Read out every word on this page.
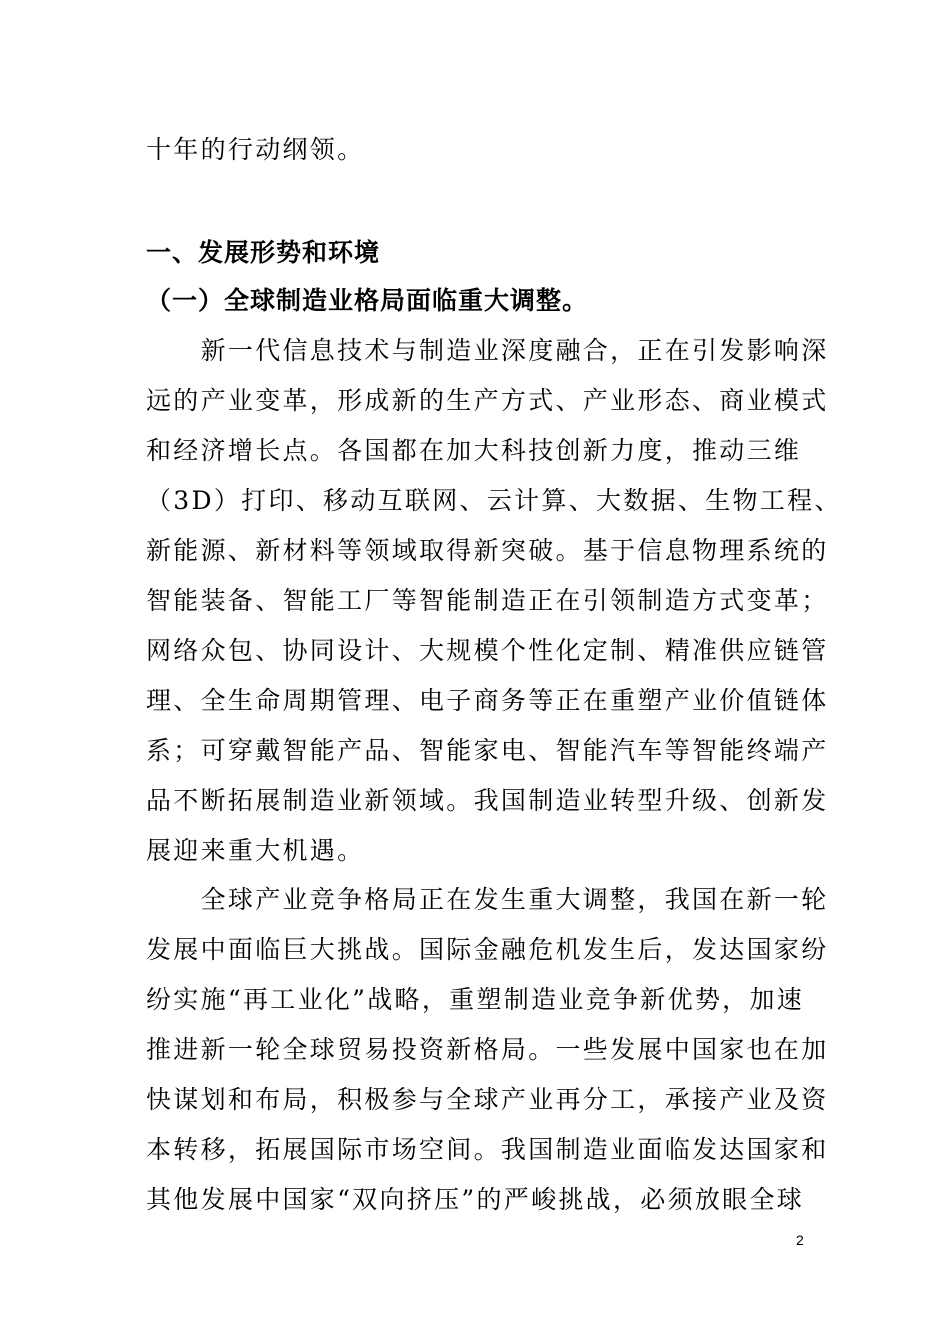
十年的行动纲领。
一、发展形势和环境
（一）全球制造业格局面临重大调整。
　　新一代信息技术与制造业深度融合，正在引发影响深
远的产业变革，形成新的生产方式、产业形态、商业模式
和经济增长点。各国都在加大科技创新力度，推动三维
（3D）打印、移动互联网、云计算、大数据、生物工程、
新能源、新材料等领域取得新突破。基于信息物理系统的
智能装备、智能工厂等智能制造正在引领制造方式变革；
网络众包、协同设计、大规模个性化定制、精准供应链管
理、全生命周期管理、电子商务等正在重塑产业价值链体
系；可穿戴智能产品、智能家电、智能汽车等智能终端产
品不断拓展制造业新领域。我国制造业转型升级、创新发
展迎来重大机遇。
　　全球产业竞争格局正在发生重大调整，我国在新一轮
发展中面临巨大挑战。国际金融危机发生后，发达国家纷
纷实施“再工业化”战略，重塑制造业竞争新优势，加速
推进新一轮全球贸易投资新格局。一些发展中国家也在加
快谋划和布局，积极参与全球产业再分工，承接产业及资
本转移，拓展国际市场空间。我国制造业面临发达国家和
其他发展中国家“双向挤压”的严峻挑战，必须放眼全球
2
